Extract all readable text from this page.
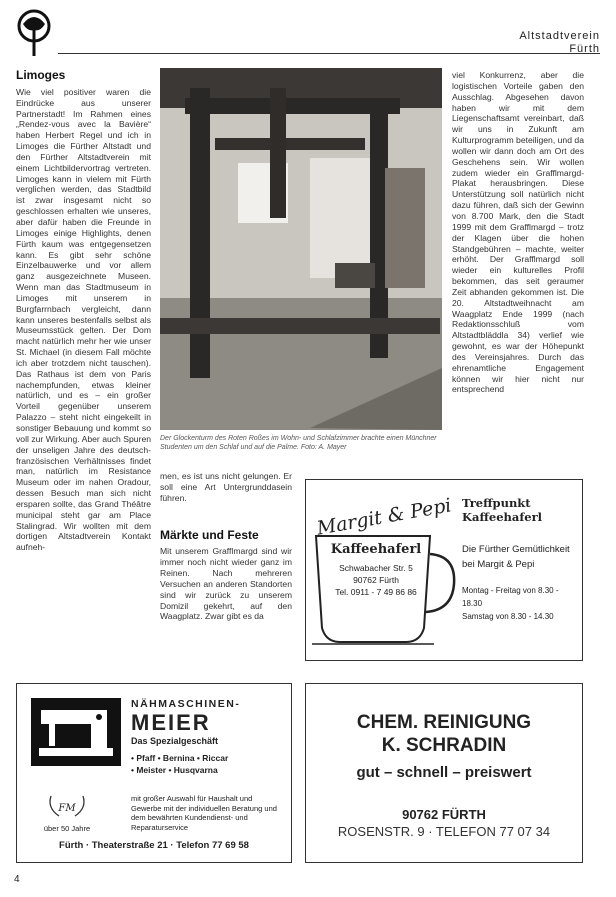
Altstadtverein
Fürth
Limoges

Wie viel positiver waren die Eindrücke aus unserer Partnerstadt! Im Rahmen eines „Rendez-vous avec la Bavière“ haben Herbert Regel und ich in Limoges die Fürther Altstadt und den Fürther Altstadtverein mit einem Lichtbildervortrag vertreten. Limoges kann in vielem mit Fürth verglichen werden, das Stadtbild ist zwar insgesamt nicht so geschlossen erhalten wie unseres, aber dafür haben die Freunde in Limoges einige Highlights, denen Fürth kaum was entgegensetzen kann. Es gibt sehr schöne Einzelbauwerke und vor allem ganz ausgezeichnete Museen. Wenn man das Stadtmuseum in Limoges mit unserem in Burgfarrnbach vergleicht, dann kann unseres bestenfalls selbst als Museumsstück gelten. Der Dom macht natürlich mehr her wie unser St. Michael (in diesem Fall möchte ich aber trotzdem nicht tauschen). Das Rathaus ist dem von Paris nachempfunden, etwas kleiner natürlich, und es – ein großer Vorteil gegenüber unserem Palazzo – steht nicht eingekeilt in sonstiger Bebauung und kommt so voll zur Wirkung. Aber auch Spuren der unseligen Jahre des deutsch-französischen Verhältnisses findet man, natürlich im Resistance Museum oder im nahen Oradour, dessen Besuch man sich nicht ersparen sollte, das Grand Théâtre municipal steht gar am Place Stalingrad. Wir wollten mit dem dortigen Altstadtverein Kontakt aufneh-

Der Glockenturm des Roten Roßes im Wohn- und Schlafzimmer brachte einen Münchner Studenten um den Schlaf und auf die Palme. Foto: A. Mayer

men, es ist uns nicht gelungen. Er soll eine Art Untergrunddasein führen.

Märkte und Feste

Mit unserem Grafflmargd sind wir immer noch nicht wieder ganz im Reinen. Nach mehreren Versuchen an anderen Standorten sind wir zurück zu unserem Domizil gekehrt, auf den Waagplatz. Zwar gibt es da

viel Konkurrenz, aber die logistischen Vorteile gaben den Ausschlag. Abgesehen davon haben wir mit dem Liegenschaftsamt vereinbart, daß wir uns in Zukunft am Kulturprogramm beteiligen, und da wollen wir dann doch am Ort des Geschehens sein. Wir wollen zudem wieder ein Grafflmargd-Plakat herausbringen. Diese Unterstützung soll natürlich nicht dazu führen, daß sich der Gewinn von 8.700 Mark, den die Stadt 1999 mit dem Grafflmargd – trotz der Klagen über die hohen Standgebühren – machte, weiter erhöht. Der Grafflmargd soll wieder ein kulturelles Profil bekommen, das seit geraumer Zeit abhanden gekommen ist. Die 20. Altstadtweihnacht am Waagplatz Ende 1999 (nach Redaktionsschluß vom Altstadtbläddla 34) verlief wie gewohnt, es war der Höhepunkt des Vereinsjahres. Durch das ehrenamtliche Engagement können wir hier nicht nur entsprechend

Margit & Pepi
Kaffeehaferl
Schwabacher Str. 5
90762 Fürth
Tel. 0911 - 7 49 86 86
Treffpunkt Kaffeehaferl
Die Fürther Gemütlichkeit
bei Margit & Pepi
Montag - Freitag von 8.30 - 18.30
Samstag von 8.30 - 14.30
NÄHMASCHINEN-
MEIER
Das Spezialgeschäft
• Pfaff • Bernina • Riccar
• Meister • Husqvarna
FM
über 50 Jahre
mit großer Auswahl für Haushalt und Gewerbe mit der individuellen Beratung und dem bewährten Kundendienst- und Reparaturservice
Fürth · Theaterstraße 21 · Telefon 77 69 58
CHEM. REINIGUNG
K. SCHRADIN
gut – schnell – preiswert
90762 FÜRTH
ROSENSTR. 9 · TELEFON 77 07 34
4
